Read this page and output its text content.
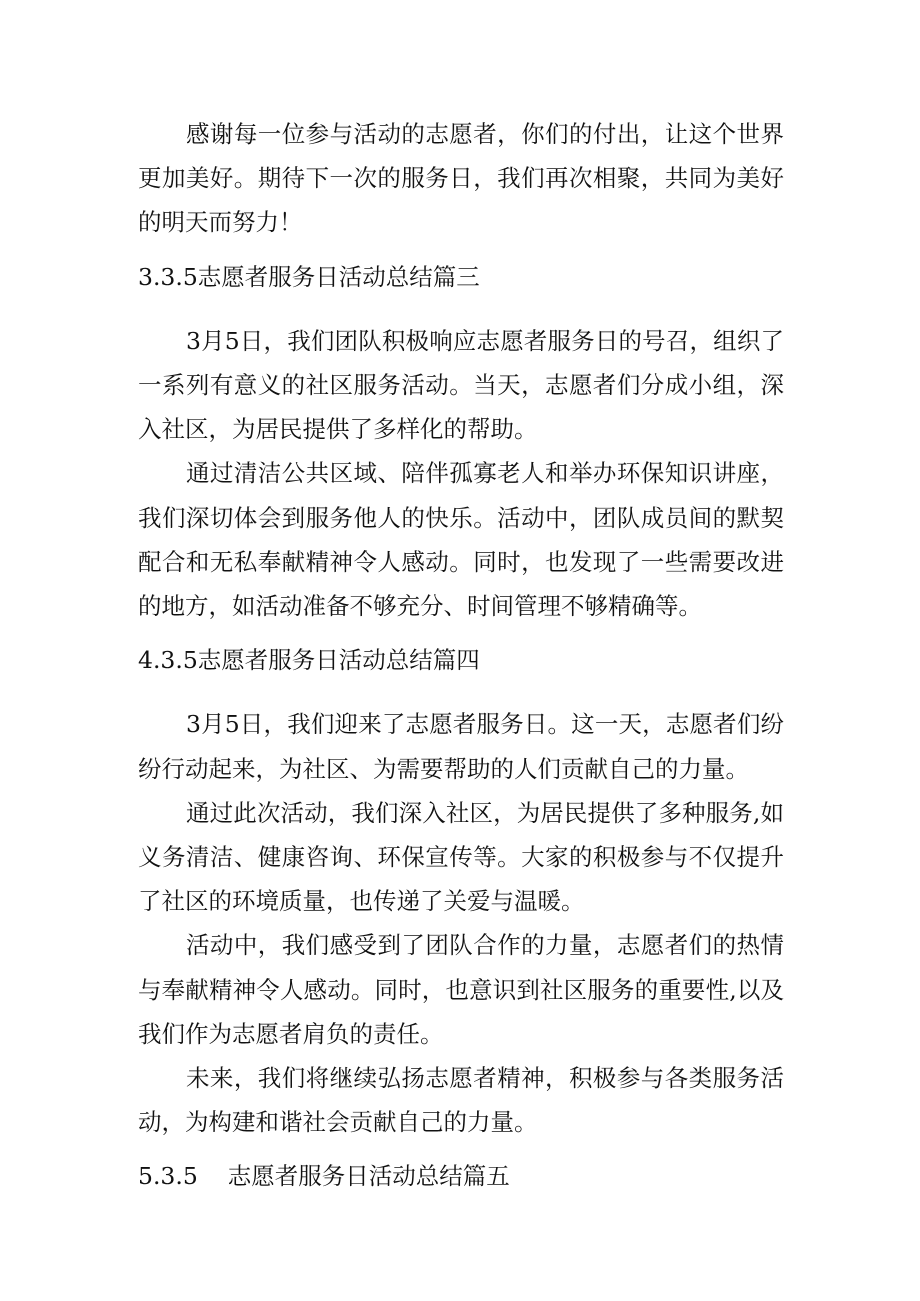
感谢每一位参与活动的志愿者，你们的付出，让这个世界更加美好。期待下一次的服务日，我们再次相聚，共同为美好的明天而努力！

3.3.5志愿者服务日活动总结篇三

3月5日，我们团队积极响应志愿者服务日的号召，组织了一系列有意义的社区服务活动。当天，志愿者们分成小组，深入社区，为居民提供了多样化的帮助。

通过清洁公共区域、陪伴孤寡老人和举办环保知识讲座，我们深切体会到服务他人的快乐。活动中，团队成员间的默契配合和无私奉献精神令人感动。同时，也发现了一些需要改进的地方，如活动准备不够充分、时间管理不够精确等。

4.3.5志愿者服务日活动总结篇四

3月5日，我们迎来了志愿者服务日。这一天，志愿者们纷纷行动起来，为社区、为需要帮助的人们贡献自己的力量。

通过此次活动，我们深入社区，为居民提供了多种服务,如义务清洁、健康咨询、环保宣传等。大家的积极参与不仅提升了社区的环境质量，也传递了关爱与温暖。

活动中，我们感受到了团队合作的力量，志愿者们的热情与奉献精神令人感动。同时，也意识到社区服务的重要性,以及我们作为志愿者肩负的责任。

未来，我们将继续弘扬志愿者精神，积极参与各类服务活动，为构建和谐社会贡献自己的力量。

5.3.5 志愿者服务日活动总结篇五
